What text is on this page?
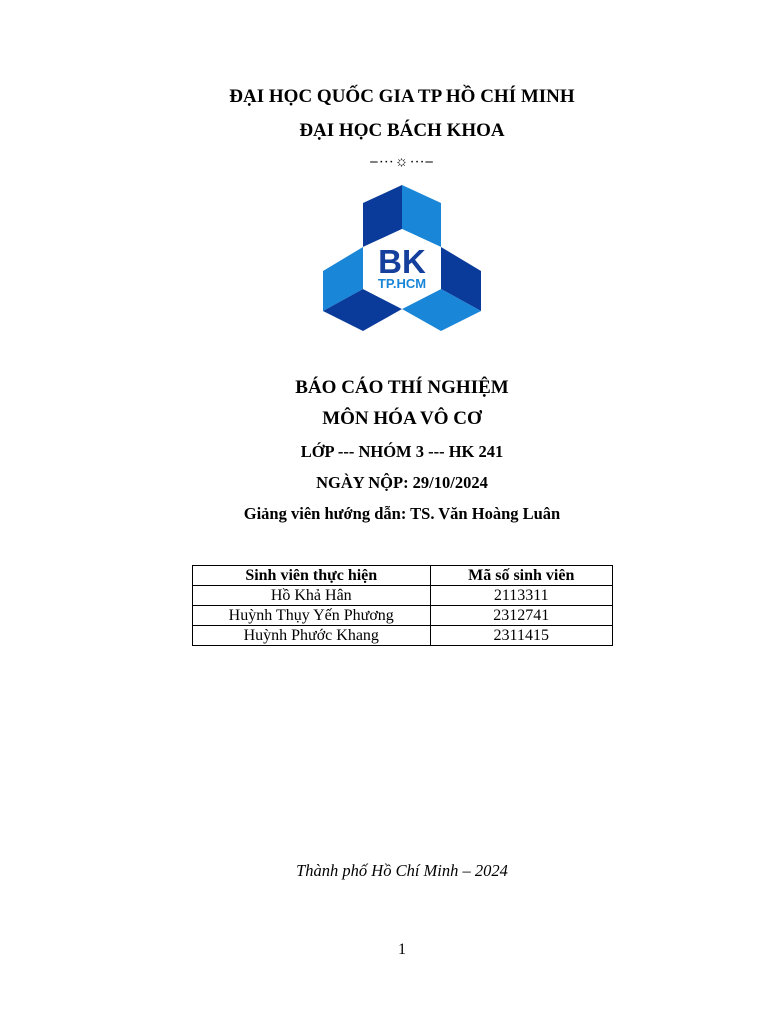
ĐẠI HỌC QUỐC GIA TP HỒ CHÍ MINH
ĐẠI HỌC BÁCH KHOA
⎯⋯☼⋯⎯
BK
TP.HCM
BÁO CÁO THÍ NGHIỆM
MÔN HÓA VÔ CƠ
LỚP --- NHÓM 3 --- HK 241
NGÀY NỘP: 29/10/2024
Giảng viên hướng dẫn: TS. Văn Hoàng Luân
Sinh viên thực hiện	Mã số sinh viên
Hồ Khả Hân	2113311
Huỳnh Thụy Yến Phương	2312741
Huỳnh Phước Khang	2311415
Thành phố Hồ Chí Minh – 2024
1
